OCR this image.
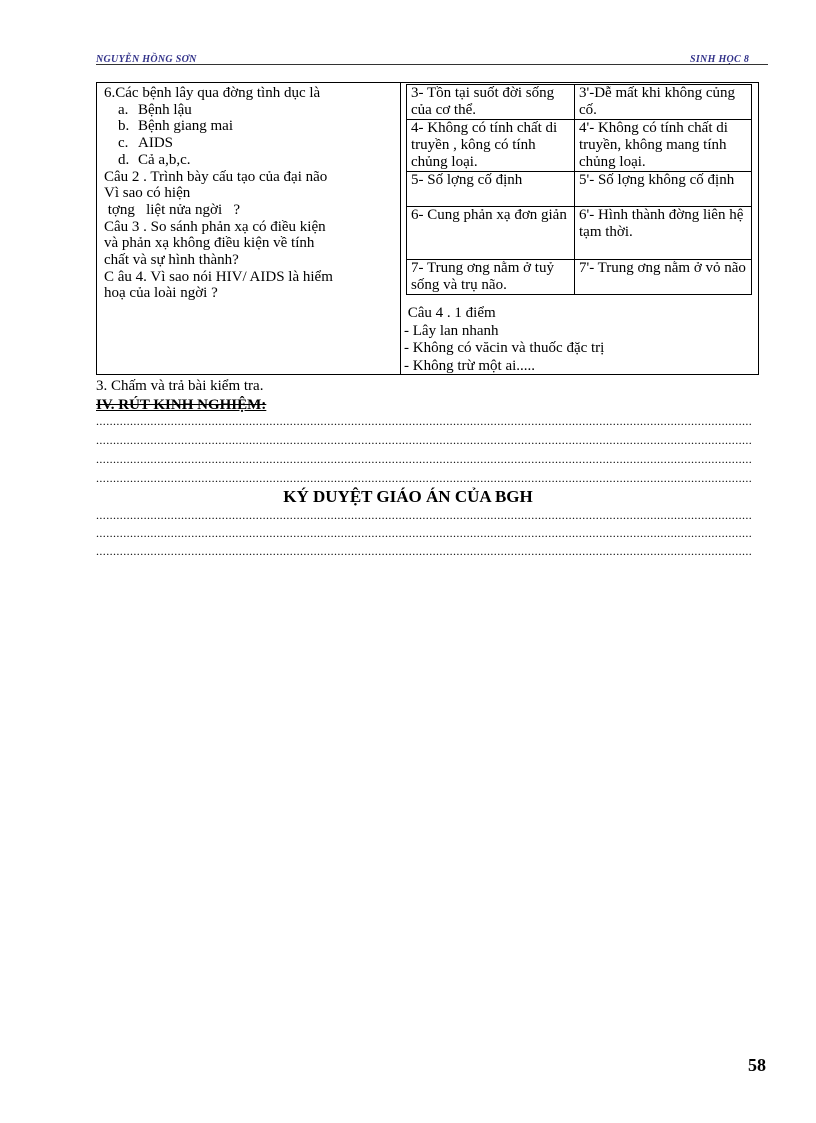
NGUYỄN HỒNG SƠN	SINH HỌC 8
6.Các bệnh lây qua đờng tình dục là
a. Bệnh lậu
b. Bệnh giang mai
c. AIDS
d. Cả a,b,c.
Câu 2 . Trình bày cấu tạo của đại não
Vì sao có hiện
tợng   liệt nửa ngời   ?
Câu 3 . So sánh phản xạ có điều kiện
và phản xạ không điều kiện về tính
chất và sự hình thành?
C âu 4. Vì sao nói HIV/ AIDS là hiểm
hoạ của loài ngời ?
3- Tồn tại suốt đời sống của cơ thể.	3'-Dễ mất khi không củng cố.

4- Không có tính chất di truyền , kông có tính chủng loại.	4'- Không có tính chất di truyền, không mang tính chủng loại.

5- Số lợng cố định	5'- Số lợng không cố định

6- Cung phản xạ đơn giản	6'- Hình thành đờng liên hệ tạm thời.

7- Trung ơng nằm ở tuỷ sống và trụ não.	7'- Trung ơng nằm ở vỏ não
Câu 4 . 1 điểm
- Lây lan nhanh
- Không có văcin và thuốc đặc trị
- Không trừ một ai.....
3. Chấm và trả bài kiểm tra.
IV. RÚT KINH NGHIỆM:
.................................................................................................................................................................................................
.................................................................................................................................................................................................
.................................................................................................................................................................................................
.................................................................................................................................................................................................
KÝ DUYỆT GIÁO ÁN CỦA BGH
.................................................................................................................................................................................................
.................................................................................................................................................................................................
.................................................................................................................................................................................................
58
